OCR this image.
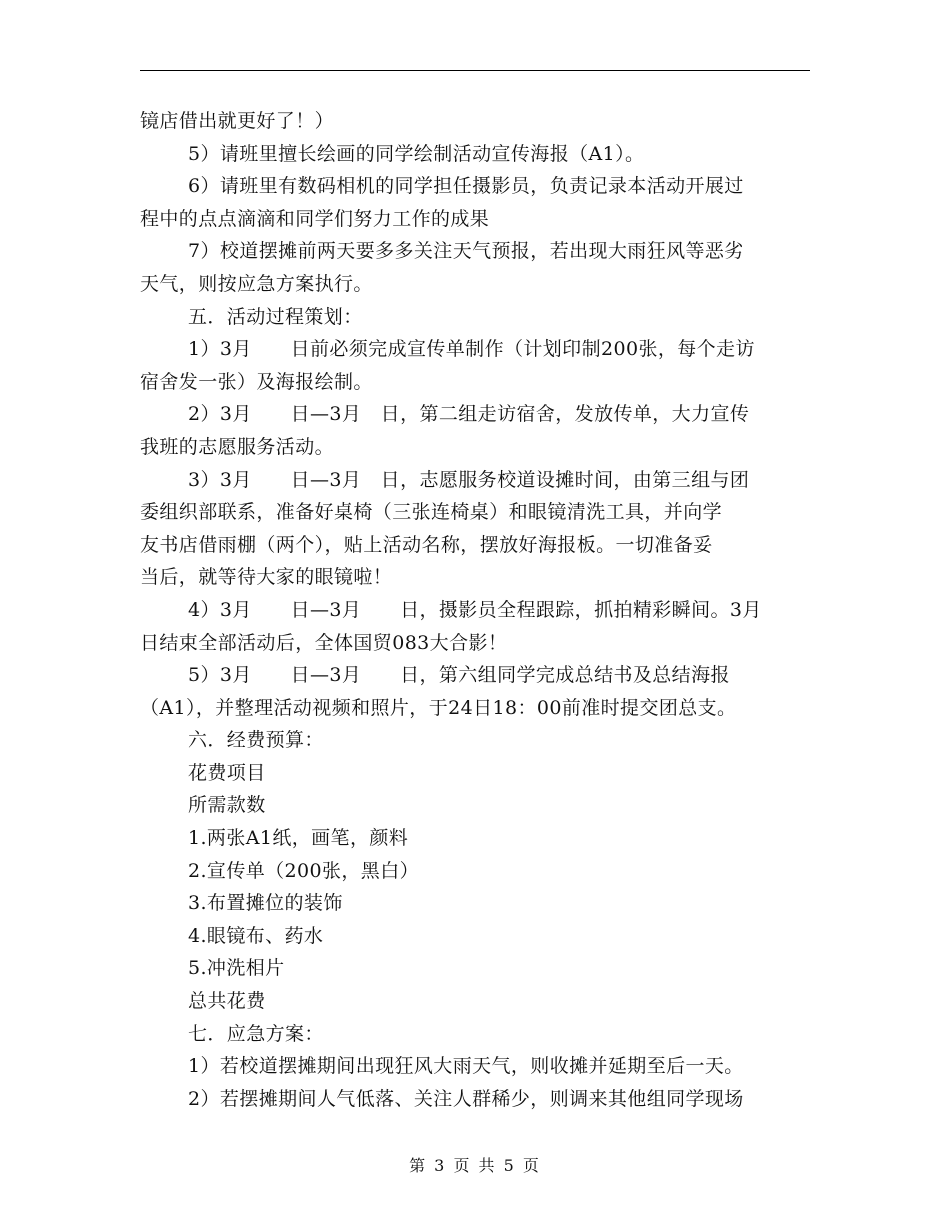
镜店借出就更好了！）
5）请班里擅长绘画的同学绘制活动宣传海报（A1）。
6）请班里有数码相机的同学担任摄影员，负责记录本活动开展过
程中的点点滴滴和同学们努力工作的成果
7）校道摆摊前两天要多多关注天气预报，若出现大雨狂风等恶劣
天气，则按应急方案执行。
五．活动过程策划：
1）3月　　日前必须完成宣传单制作（计划印制200张，每个走访
宿舍发一张）及海报绘制。
2）3月　　日—3月　日，第二组走访宿舍，发放传单，大力宣传
我班的志愿服务活动。
3）3月　　日—3月　日，志愿服务校道设摊时间，由第三组与团
委组织部联系，准备好桌椅（三张连椅桌）和眼镜清洗工具，并向学
友书店借雨棚（两个），贴上活动名称，摆放好海报板。一切准备妥
当后，就等待大家的眼镜啦！
4）3月　　日—3月　　日，摄影员全程跟踪，抓拍精彩瞬间。3月
日结束全部活动后，全体国贸083大合影！
5）3月　　日—3月　　日，第六组同学完成总结书及总结海报
（A1），并整理活动视频和照片，于24日18：00前准时提交团总支。
六．经费预算：
花费项目
所需款数
1.两张A1纸，画笔，颜料
2.宣传单（200张，黑白）
3.布置摊位的装饰
4.眼镜布、药水
5.冲洗相片
总共花费
七．应急方案：
1）若校道摆摊期间出现狂风大雨天气，则收摊并延期至后一天。
2）若摆摊期间人气低落、关注人群稀少，则调来其他组同学现场
第 3 页 共 5 页
